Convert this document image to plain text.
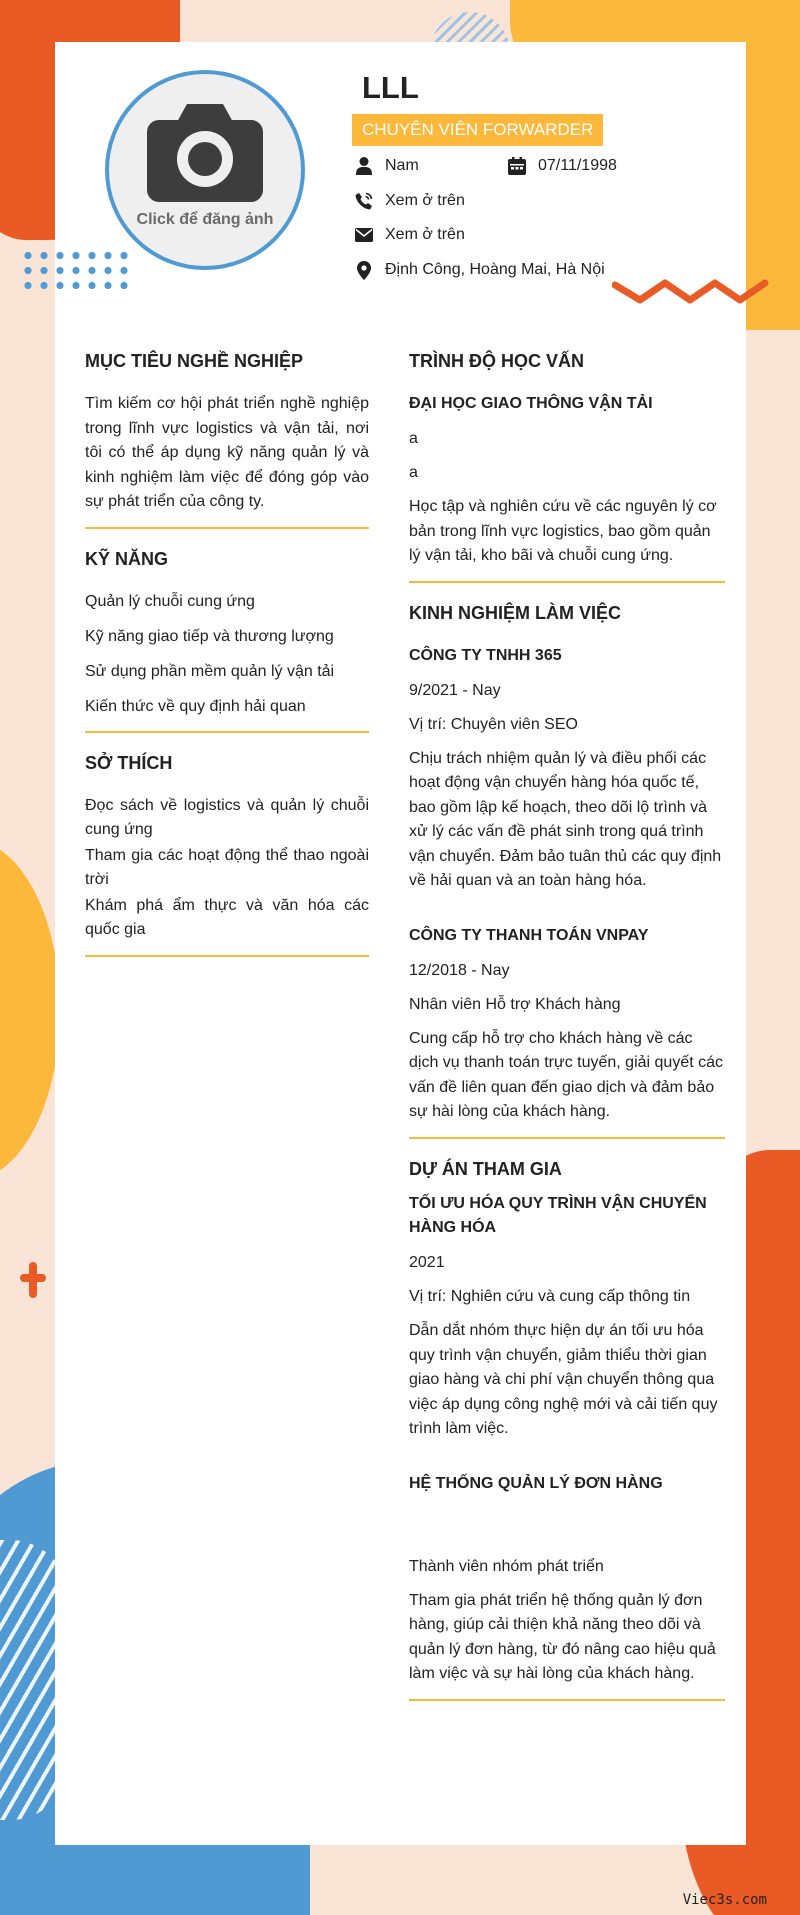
Click để đăng ảnh
LLL
CHUYÊN VIÊN FORWARDER
Nam	07/11/1998
Xem ở trên
Xem ở trên
Định Công, Hoàng Mai, Hà Nội
MỤC TIÊU NGHỀ NGHIỆP
Tìm kiếm cơ hội phát triển nghề nghiệp trong lĩnh vực logistics và vận tải, nơi tôi có thể áp dụng kỹ năng quản lý và kinh nghiệm làm việc để đóng góp vào sự phát triển của công ty.
KỸ NĂNG
Quản lý chuỗi cung ứng
Kỹ năng giao tiếp và thương lượng
Sử dụng phần mềm quản lý vận tải
Kiến thức về quy định hải quan
SỞ THÍCH
Đọc sách về logistics và quản lý chuỗi cung ứng
Tham gia các hoạt động thể thao ngoài trời
Khám phá ẩm thực và văn hóa các quốc gia
TRÌNH ĐỘ HỌC VẤN
ĐẠI HỌC GIAO THÔNG VẬN TẢI
a
a
Học tập và nghiên cứu về các nguyên lý cơ bản trong lĩnh vực logistics, bao gồm quản lý vận tải, kho bãi và chuỗi cung ứng.
KINH NGHIỆM LÀM VIỆC
CÔNG TY TNHH 365
9/2021 - Nay
Vị trí: Chuyên viên SEO
Chịu trách nhiệm quản lý và điều phối các hoạt động vận chuyển hàng hóa quốc tế, bao gồm lập kế hoạch, theo dõi lộ trình và xử lý các vấn đề phát sinh trong quá trình vận chuyển. Đảm bảo tuân thủ các quy định về hải quan và an toàn hàng hóa.
CÔNG TY THANH TOÁN VNPAY
12/2018 - Nay
Nhân viên Hỗ trợ Khách hàng
Cung cấp hỗ trợ cho khách hàng về các dịch vụ thanh toán trực tuyến, giải quyết các vấn đề liên quan đến giao dịch và đảm bảo sự hài lòng của khách hàng.
DỰ ÁN THAM GIA
TỐI ƯU HÓA QUY TRÌNH VẬN CHUYỂN HÀNG HÓA
2021
Vị trí: Nghiên cứu và cung cấp thông tin
Dẫn dắt nhóm thực hiện dự án tối ưu hóa quy trình vận chuyển, giảm thiểu thời gian giao hàng và chi phí vận chuyển thông qua việc áp dụng công nghệ mới và cải tiến quy trình làm việc.
HỆ THỐNG QUẢN LÝ ĐƠN HÀNG
Thành viên nhóm phát triển
Tham gia phát triển hệ thống quản lý đơn hàng, giúp cải thiện khả năng theo dõi và quản lý đơn hàng, từ đó nâng cao hiệu quả làm việc và sự hài lòng của khách hàng.
Viec3s.com
